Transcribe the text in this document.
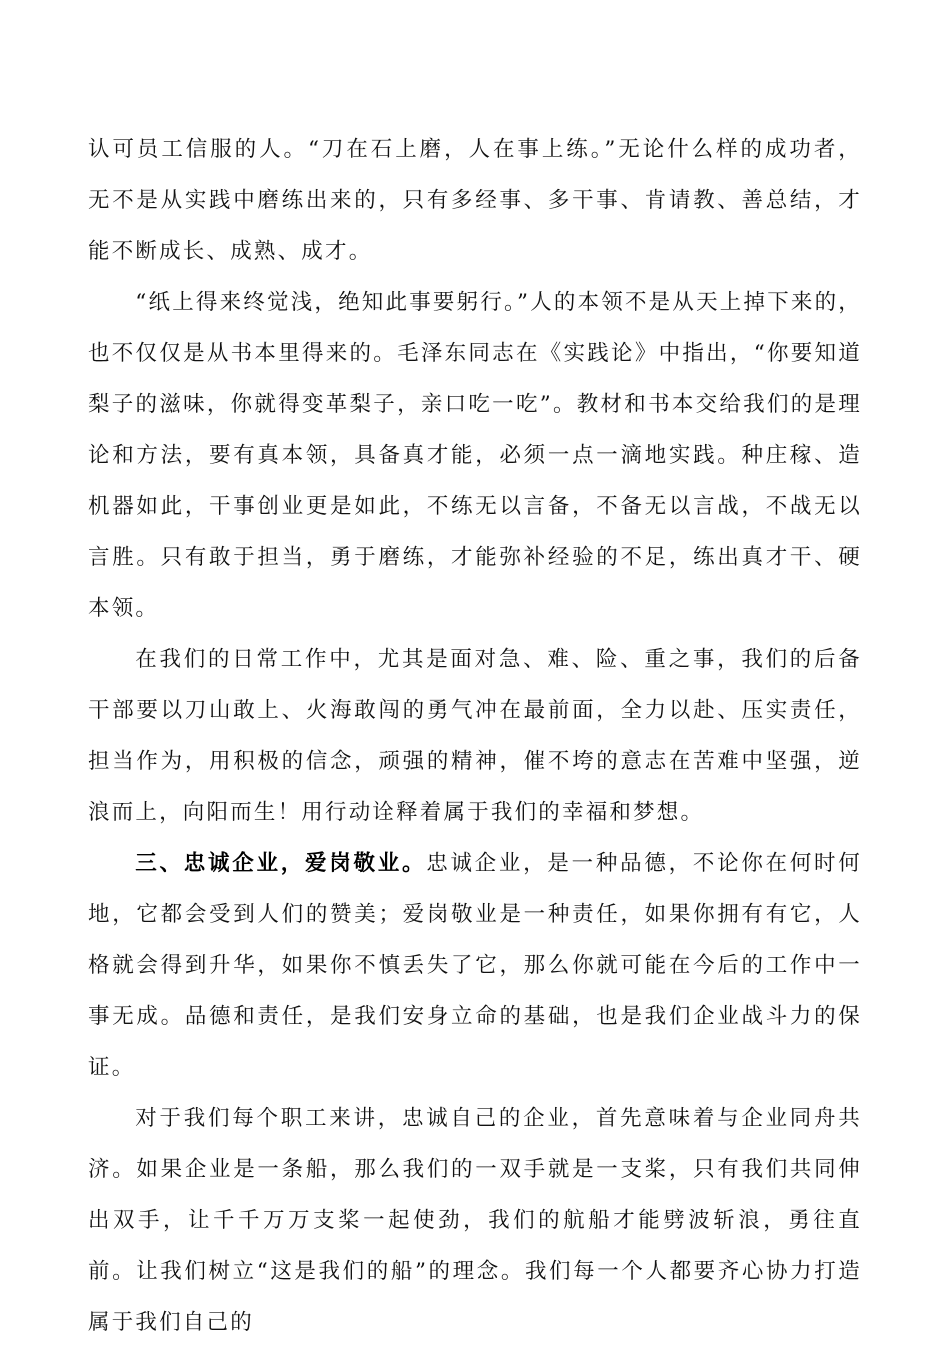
认可员工信服的人。“刀在石上磨，人在事上练。”无论什么样的成功者，无不是从实践中磨练出来的，只有多经事、多干事、肯请教、善总结，才能不断成长、成熟、成才。

“纸上得来终觉浅，绝知此事要躬行。”人的本领不是从天上掉下来的，也不仅仅是从书本里得来的。毛泽东同志在《实践论》中指出，“你要知道梨子的滋味，你就得变革梨子，亲口吃一吃”。教材和书本交给我们的是理论和方法，要有真本领，具备真才能，必须一点一滴地实践。种庄稼、造机器如此，干事创业更是如此，不练无以言备，不备无以言战，不战无以言胜。只有敢于担当，勇于磨练，才能弥补经验的不足，练出真才干、硬本领。

在我们的日常工作中，尤其是面对急、难、险、重之事，我们的后备干部要以刀山敢上、火海敢闯的勇气冲在最前面，全力以赴、压实责任，担当作为，用积极的信念，顽强的精神，催不垮的意志在苦难中坚强，逆浪而上，向阳而生！用行动诠释着属于我们的幸福和梦想。

三、忠诚企业，爱岗敬业。忠诚企业，是一种品德，不论你在何时何地，它都会受到人们的赞美；爱岗敬业是一种责任，如果你拥有有它，人格就会得到升华，如果你不慎丢失了它，那么你就可能在今后的工作中一事无成。品德和责任，是我们安身立命的基础，也是我们企业战斗力的保证。

对于我们每个职工来讲，忠诚自己的企业，首先意味着与企业同舟共济。如果企业是一条船，那么我们的一双手就是一支桨，只有我们共同伸出双手，让千千万万支桨一起使劲，我们的航船才能劈波斩浪，勇往直前。让我们树立“这是我们的船”的理念。我们每一个人都要齐心协力打造属于我们自己的
